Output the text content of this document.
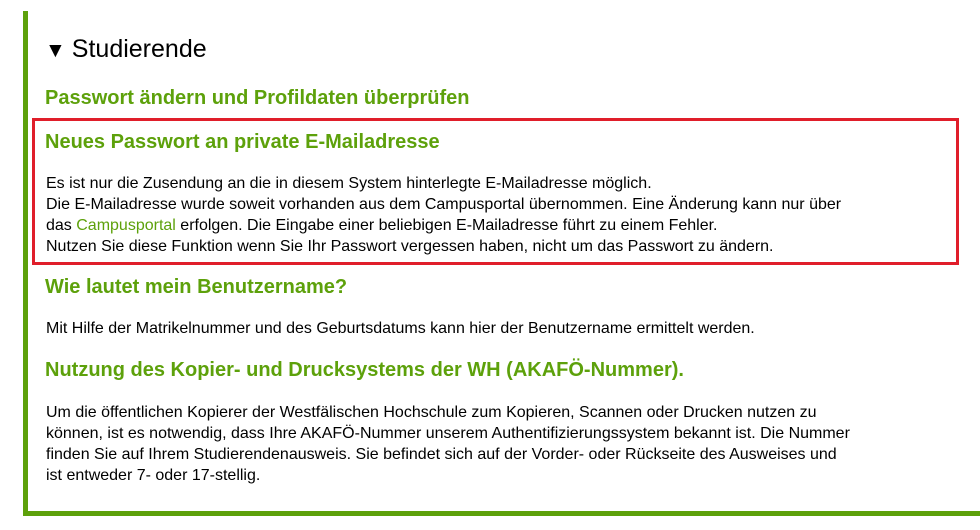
▼ Studierende
Passwort ändern und Profildaten überprüfen
Neues Passwort an private E-Mailadresse
Es ist nur die Zusendung an die in diesem System hinterlegte E-Mailadresse möglich.
Die E-Mailadresse wurde soweit vorhanden aus dem Campusportal übernommen. Eine Änderung kann nur über
das Campusportal erfolgen. Die Eingabe einer beliebigen E-Mailadresse führt zu einem Fehler.
Nutzen Sie diese Funktion wenn Sie Ihr Passwort vergessen haben, nicht um das Passwort zu ändern.
Wie lautet mein Benutzername?
Mit Hilfe der Matrikelnummer und des Geburtsdatums kann hier der Benutzername ermittelt werden.
Nutzung des Kopier- und Drucksystems der WH (AKAFÖ-Nummer).
Um die öffentlichen Kopierer der Westfälischen Hochschule zum Kopieren, Scannen oder Drucken nutzen zu
können, ist es notwendig, dass Ihre AKAFÖ-Nummer unserem Authentifizierungssystem bekannt ist. Die Nummer
finden Sie auf Ihrem Studierendenausweis. Sie befindet sich auf der Vorder- oder Rückseite des Ausweises und
ist entweder 7- oder 17-stellig.
